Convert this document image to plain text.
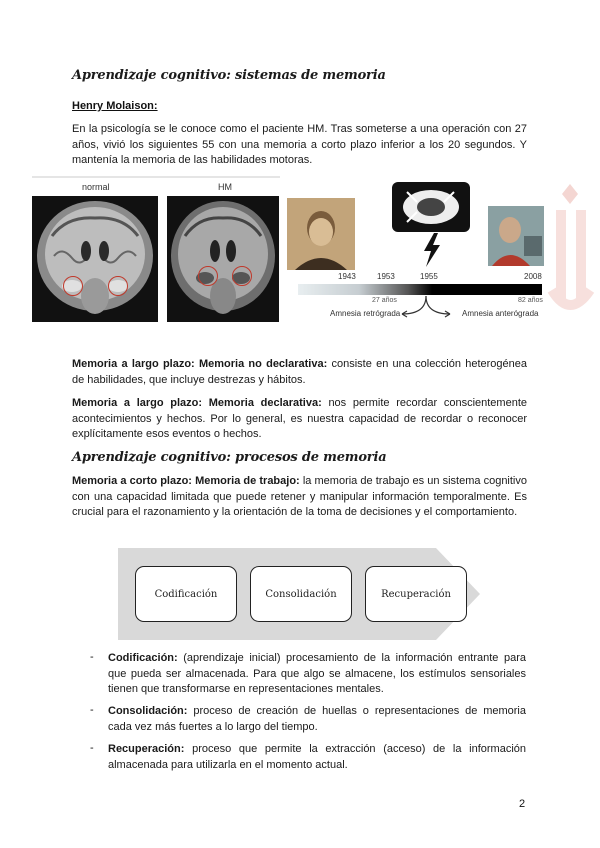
Aprendizaje cognitivo: sistemas de memoria
Henry Molaison:
En la psicología se le conoce como el paciente HM. Tras someterse a una operación con 27 años, vivió los siguientes 55 con una memoria a corto plazo inferior a los 20 segundos. Y mantenía la memoria de las habilidades motoras.
normal	HM
1943	1953	1955	2008
27 años	82 años
Amnesia retrógrada	Amnesia anterógrada
Memoria a largo plazo: Memoria no declarativa: consiste en una colección heterogénea de habilidades, que incluye destrezas y hábitos.
Memoria a largo plazo: Memoria declarativa: nos permite recordar conscientemente acontecimientos y hechos. Por lo general, es nuestra capacidad de recordar o reconocer explícitamente esos eventos o hechos.
Aprendizaje cognitivo: procesos de memoria
Memoria a corto plazo: Memoria de trabajo: la memoria de trabajo es un sistema cognitivo con una capacidad limitada que puede retener y manipular información temporalmente. Es crucial para el razonamiento y la orientación de la toma de decisiones y el comportamiento.
Codificación	Consolidación	Recuperación
- Codificación: (aprendizaje inicial) procesamiento de la información entrante para que pueda ser almacenada. Para que algo se almacene, los estímulos sensoriales tienen que transformarse en representaciones mentales.
- Consolidación: proceso de creación de huellas o representaciones de memoria cada vez más fuertes a lo largo del tiempo.
- Recuperación: proceso que permite la extracción (acceso) de la información almacenada para utilizarla en el momento actual.
2
